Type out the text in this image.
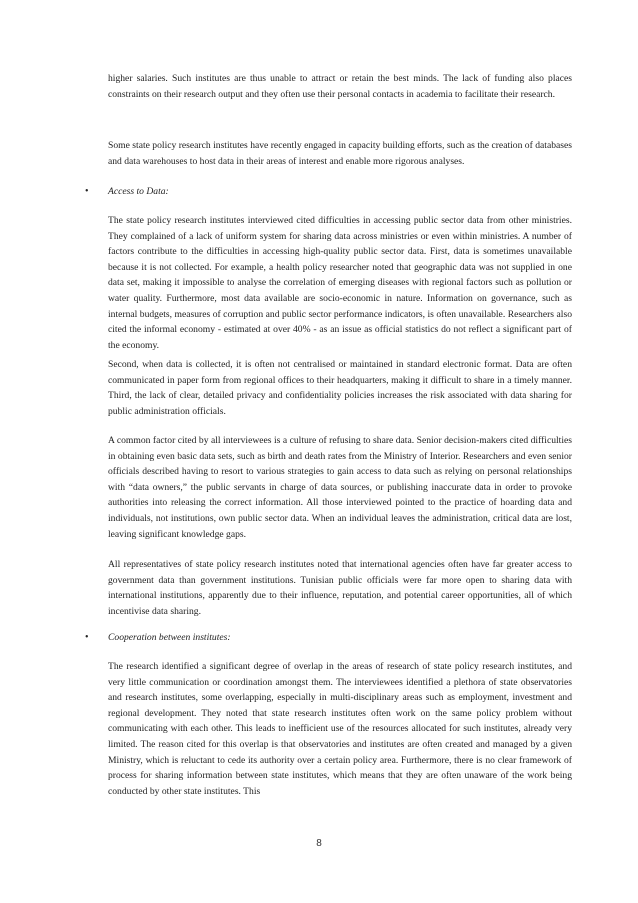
higher salaries. Such institutes are thus unable to attract or retain the best minds. The lack of funding also places constraints on their research output and they often use their personal contacts in academia to facilitate their research.

Some state policy research institutes have recently engaged in capacity building efforts, such as the creation of databases and data warehouses to host data in their areas of interest and enable more rigorous analyses.

• Access to Data:

The state policy research institutes interviewed cited difficulties in accessing public sector data from other ministries. They complained of a lack of uniform system for sharing data across ministries or even within ministries. A number of factors contribute to the difficulties in accessing high-quality public sector data. First, data is sometimes unavailable because it is not collected. For example, a health policy researcher noted that geographic data was not supplied in one data set, making it impossible to analyse the correlation of emerging diseases with regional factors such as pollution or water quality. Furthermore, most data available are socio-economic in nature. Information on governance, such as internal budgets, measures of corruption and public sector performance indicators, is often unavailable. Researchers also cited the informal economy - estimated at over 40% - as an issue as official statistics do not reflect a significant part of the economy.

Second, when data is collected, it is often not centralised or maintained in standard electronic format. Data are often communicated in paper form from regional offices to their headquarters, making it difficult to share in a timely manner. Third, the lack of clear, detailed privacy and confidentiality policies increases the risk associated with data sharing for public administration officials.

A common factor cited by all interviewees is a culture of refusing to share data. Senior decision-makers cited difficulties in obtaining even basic data sets, such as birth and death rates from the Ministry of Interior. Researchers and even senior officials described having to resort to various strategies to gain access to data such as relying on personal relationships with “data owners,” the public servants in charge of data sources, or publishing inaccurate data in order to provoke authorities into releasing the correct information. All those interviewed pointed to the practice of hoarding data and individuals, not institutions, own public sector data. When an individual leaves the administration, critical data are lost, leaving significant knowledge gaps.

All representatives of state policy research institutes noted that international agencies often have far greater access to government data than government institutions. Tunisian public officials were far more open to sharing data with international institutions, apparently due to their influence, reputation, and potential career opportunities, all of which incentivise data sharing.

• Cooperation between institutes:

The research identified a significant degree of overlap in the areas of research of state policy research institutes, and very little communication or coordination amongst them. The interviewees identified a plethora of state observatories and research institutes, some overlapping, especially in multi-disciplinary areas such as employment, investment and regional development. They noted that state research institutes often work on the same policy problem without communicating with each other. This leads to inefficient use of the resources allocated for such institutes, already very limited. The reason cited for this overlap is that observatories and institutes are often created and managed by a given Ministry, which is reluctant to cede its authority over a certain policy area. Furthermore, there is no clear framework of process for sharing information between state institutes, which means that they are often unaware of the work being conducted by other state institutes. This

8
